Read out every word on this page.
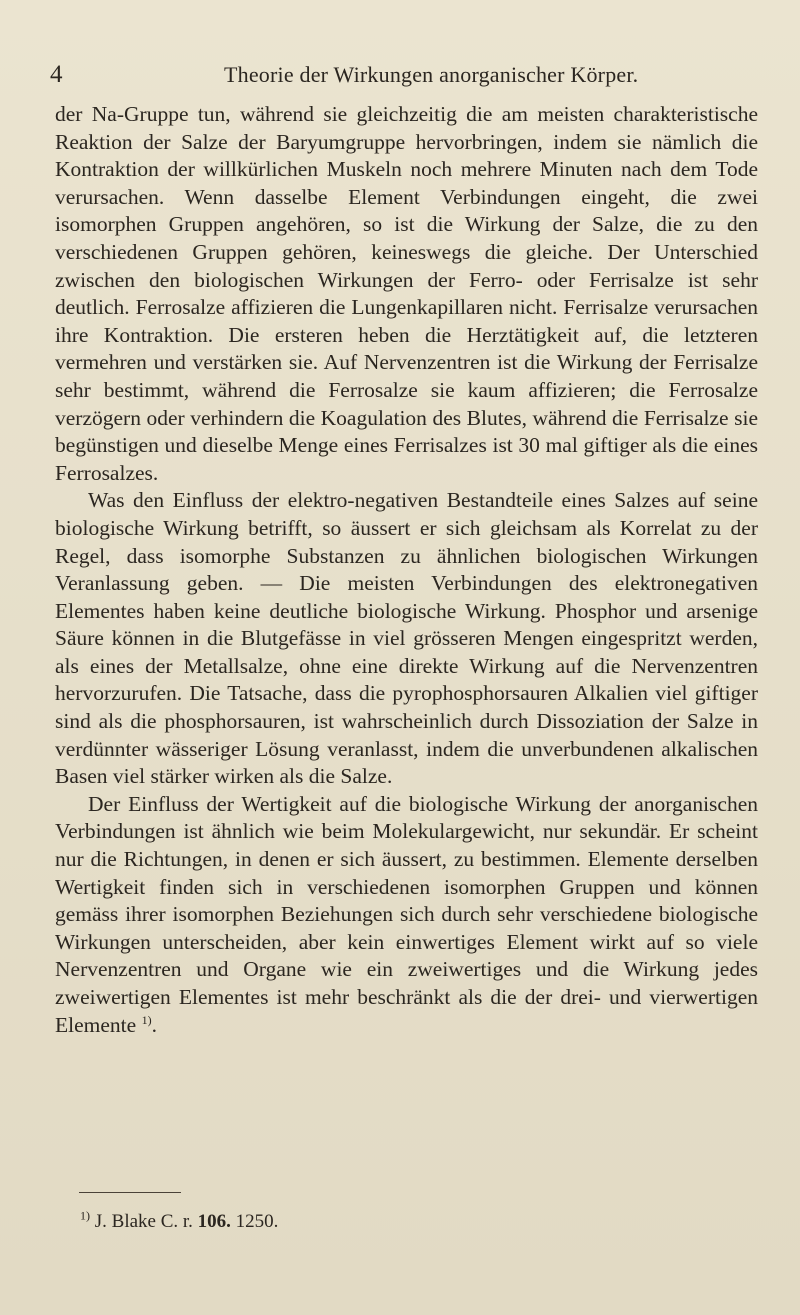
4	Theorie der Wirkungen anorganischer Körper.

der Na-Gruppe tun, während sie gleichzeitig die am meisten charakteristische Reaktion der Salze der Baryumgruppe hervorbringen, indem sie nämlich die Kontraktion der willkürlichen Muskeln noch mehrere Minuten nach dem Tode verursachen. Wenn dasselbe Element Verbindungen eingeht, die zwei isomorphen Gruppen angehören, so ist die Wirkung der Salze, die zu den verschiedenen Gruppen gehören, keineswegs die gleiche. Der Unterschied zwischen den biologischen Wirkungen der Ferro- oder Ferrisalze ist sehr deutlich. Ferrosalze affizieren die Lungenkapillaren nicht. Ferrisalze verursachen ihre Kontraktion. Die ersteren heben die Herztätigkeit auf, die letzteren vermehren und verstärken sie. Auf Nervenzentren ist die Wirkung der Ferrisalze sehr bestimmt, während die Ferrosalze sie kaum affizieren; die Ferrosalze verzögern oder verhindern die Koagulation des Blutes, während die Ferrisalze sie begünstigen und dieselbe Menge eines Ferrisalzes ist 30 mal giftiger als die eines Ferrosalzes.

Was den Einfluss der elektro-negativen Bestandteile eines Salzes auf seine biologische Wirkung betrifft, so äussert er sich gleichsam als Korrelat zu der Regel, dass isomorphe Substanzen zu ähnlichen biologischen Wirkungen Veranlassung geben. — Die meisten Verbindungen des elektronegativen Elementes haben keine deutliche biologische Wirkung. Phosphor und arsenige Säure können in die Blutgefässe in viel grösseren Mengen eingespritzt werden, als eines der Metallsalze, ohne eine direkte Wirkung auf die Nervenzentren hervorzurufen. Die Tatsache, dass die pyrophosphorsauren Alkalien viel giftiger sind als die phosphorsauren, ist wahrscheinlich durch Dissoziation der Salze in verdünnter wässeriger Lösung veranlasst, indem die unverbundenen alkalischen Basen viel stärker wirken als die Salze.

Der Einfluss der Wertigkeit auf die biologische Wirkung der anorganischen Verbindungen ist ähnlich wie beim Molekulargewicht, nur sekundär. Er scheint nur die Richtungen, in denen er sich äussert, zu bestimmen. Elemente derselben Wertigkeit finden sich in verschiedenen isomorphen Gruppen und können gemäss ihrer isomorphen Beziehungen sich durch sehr verschiedene biologische Wirkungen unterscheiden, aber kein einwertiges Element wirkt auf so viele Nervenzentren und Organe wie ein zweiwertiges und die Wirkung jedes zweiwertigen Elementes ist mehr beschränkt als die der drei- und vierwertigen Elemente $^{1)}$.

$^{1)}$ J. Blake C. r. 106. 1250.
